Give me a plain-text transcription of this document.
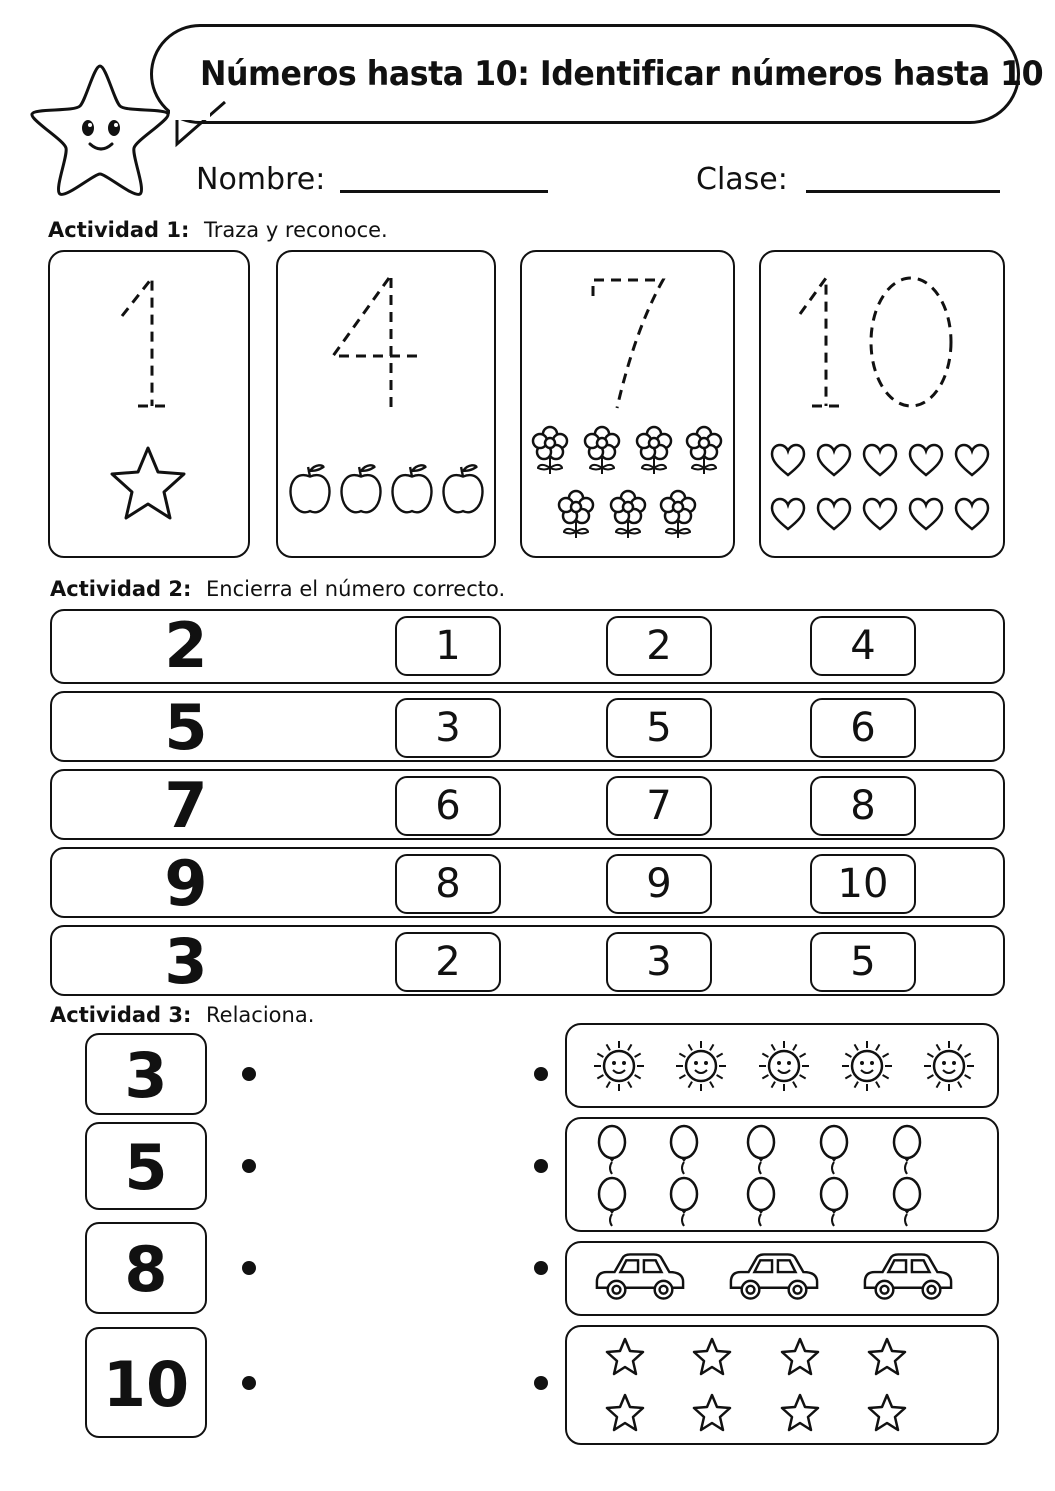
Números hasta 10: Identificar números hasta 10
Nombre:	Clase:
Actividad 1: Traza y reconoce.
Actividad 2: Encierra el número correcto.
Actividad 3: Relaciona.
2	1	2	4
5	3	5	6
7	6	7	8
9	8	9	10
3	2	3	5
3
5
8
10
